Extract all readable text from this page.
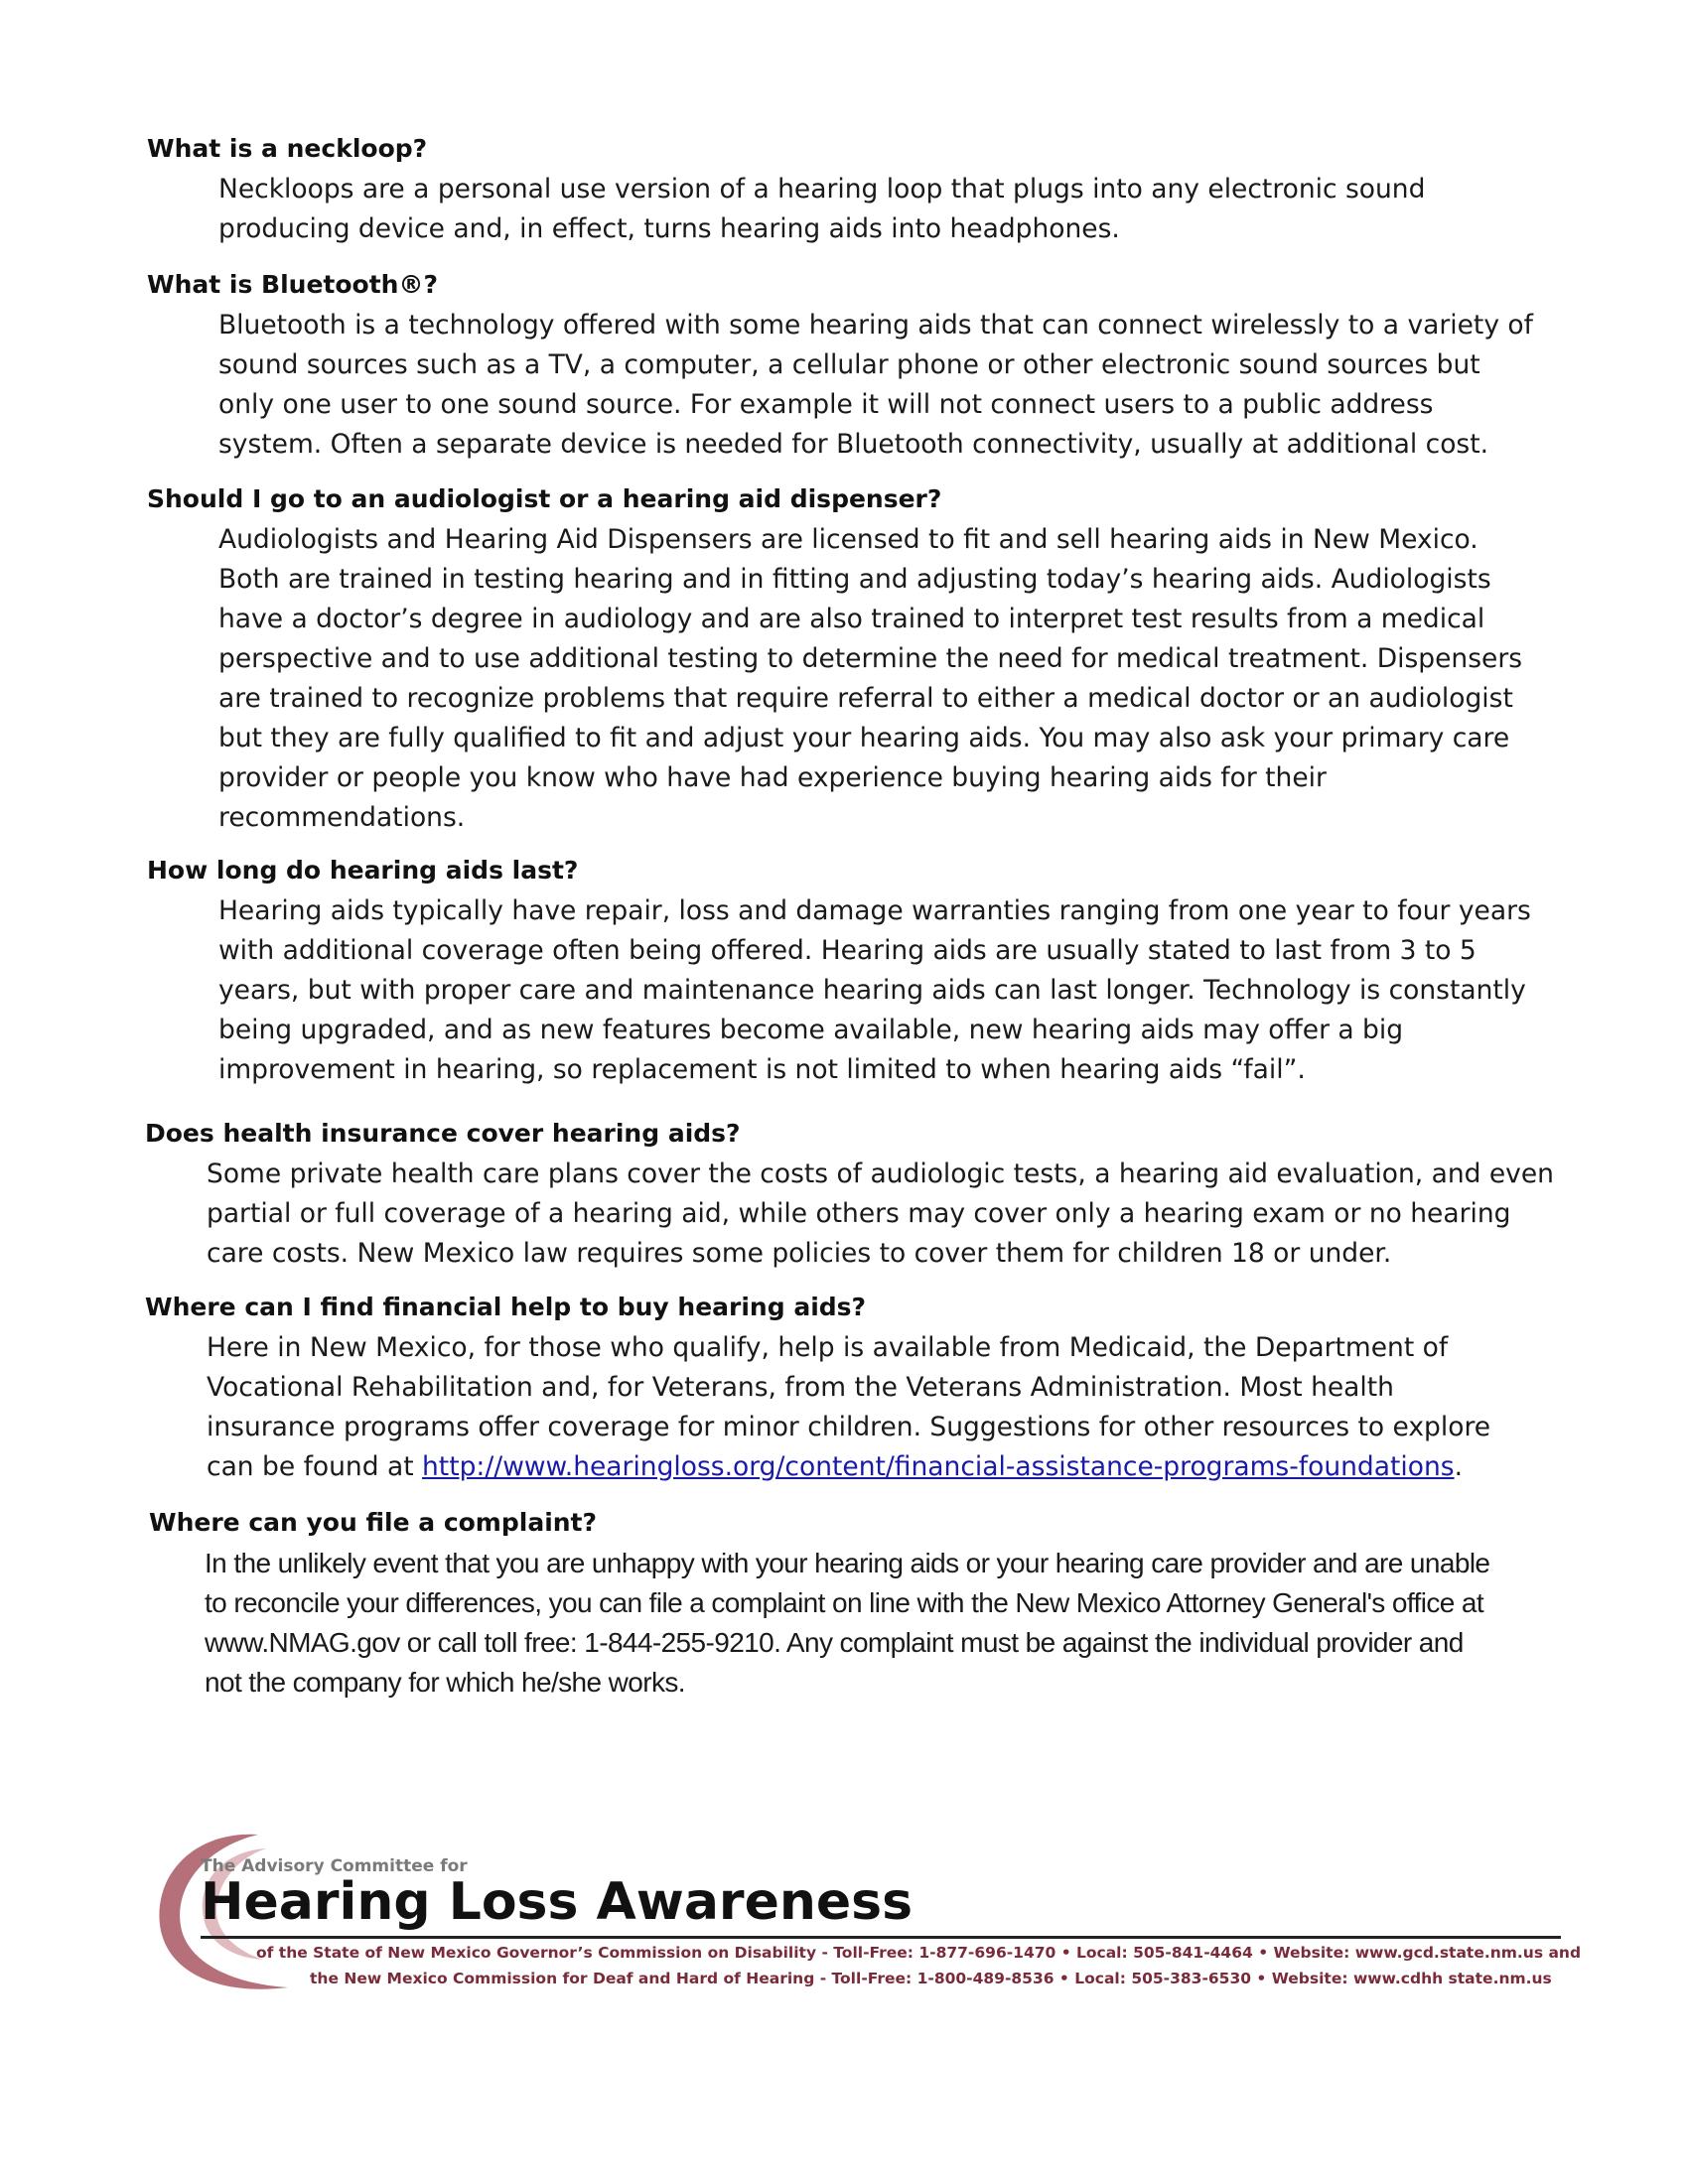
What is a neckloop?

Neckloops are a personal use version of a hearing loop that plugs into any electronic sound
producing device and, in effect, turns hearing aids into headphones.

What is Bluetooth®?

Bluetooth is a technology offered with some hearing aids that can connect wirelessly to a variety of
sound sources such as a TV, a computer, a cellular phone or other electronic sound sources but
only one user to one sound source. For example it will not connect users to a public address
system. Often a separate device is needed for Bluetooth connectivity, usually at additional cost.

Should I go to an audiologist or a hearing aid dispenser?

Audiologists and Hearing Aid Dispensers are licensed to fit and sell hearing aids in New Mexico.
Both are trained in testing hearing and in fitting and adjusting today’s hearing aids. Audiologists
have a doctor’s degree in audiology and are also trained to interpret test results from a medical
perspective and to use additional testing to determine the need for medical treatment. Dispensers
are trained to recognize problems that require referral to either a medical doctor or an audiologist
but they are fully qualified to fit and adjust your hearing aids. You may also ask your primary care
provider or people you know who have had experience buying hearing aids for their
recommendations.

How long do hearing aids last?

Hearing aids typically have repair, loss and damage warranties ranging from one year to four years
with additional coverage often being offered. Hearing aids are usually stated to last from 3 to 5
years, but with proper care and maintenance hearing aids can last longer. Technology is constantly
being upgraded, and as new features become available, new hearing aids may offer a big
improvement in hearing, so replacement is not limited to when hearing aids “fail”.

Does health insurance cover hearing aids?

Some private health care plans cover the costs of audiologic tests, a hearing aid evaluation, and even
partial or full coverage of a hearing aid, while others may cover only a hearing exam or no hearing
care costs. New Mexico law requires some policies to cover them for children 18 or under.

Where can I find financial help to buy hearing aids?

Here in New Mexico, for those who qualify, help is available from Medicaid, the Department of
Vocational Rehabilitation and, for Veterans, from the Veterans Administration. Most health
insurance programs offer coverage for minor children. Suggestions for other resources to explore
can be found at http://www.hearingloss.org/content/financial-assistance-programs-foundations.

Where can you file a complaint?

In the unlikely event that you are unhappy with your hearing aids or your hearing care provider and are unable
to reconcile your differences, you can file a complaint on line with the New Mexico Attorney General's office at
www.NMAG.gov or call toll free: 1-844-255-9210. Any complaint must be against the individual provider and
not the company for which he/she works.
The Advisory Committee for
Hearing Loss Awareness
of the State of New Mexico Governor’s Commission on Disability - Toll-Free: 1-877-696-1470 • Local: 505-841-4464 • Website: www.gcd.state.nm.us and
the New Mexico Commission for Deaf and Hard of Hearing - Toll-Free: 1-800-489-8536 • Local: 505-383-6530 • Website: www.cdhh state.nm.us
